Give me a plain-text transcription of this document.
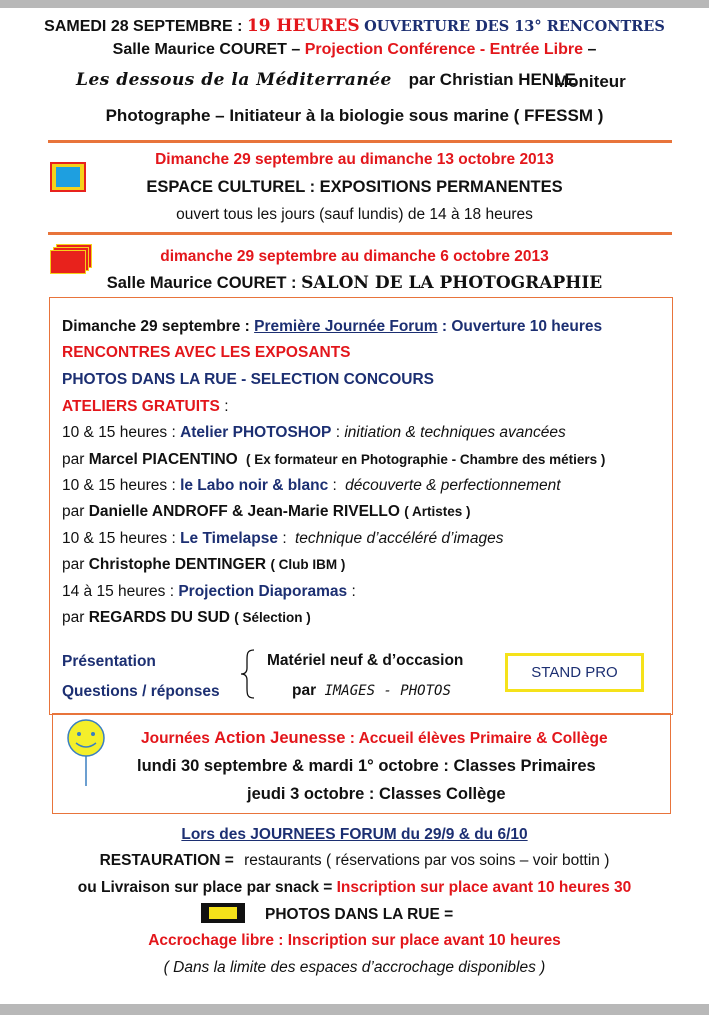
SAMEDI 28 SEPTEMBRE : 19 HEURES OUVERTURE DES 13° RENCONTRES
Salle Maurice COURET – Projection Conférence - Entrée Libre –
Les dessous de la Méditerranée par Christian HENLE
Moniteur
Photographe – Initiateur à la biologie sous marine ( FFESSM )
Dimanche 29 septembre au dimanche 13 octobre 2013
ESPACE CULTUREL : EXPOSITIONS PERMANENTES
ouvert tous les jours (sauf lundis) de 14 à 18 heures
dimanche 29 septembre au dimanche 6 octobre 2013
Salle Maurice COURET : SALON DE LA PHOTOGRAPHIE
Dimanche 29 septembre : Première Journée Forum : Ouverture 10 heures
RENCONTRES AVEC LES EXPOSANTS
PHOTOS DANS LA RUE - SELECTION CONCOURS
ATELIERS GRATUITS :
10 & 15 heures : Atelier PHOTOSHOP : initiation & techniques avancées
par Marcel PIACENTINO ( Ex formateur en Photographie - Chambre des métiers )
10 & 15 heures : le Labo noir & blanc : découverte & perfectionnement
par Danielle ANDROFF & Jean-Marie RIVELLO ( Artistes )
10 & 15 heures : Le Timelapse : technique d’accéléré d’images
par Christophe DENTINGER ( Club IBM )
14 à 15 heures : Projection Diaporamas :
par REGARDS DU SUD ( Sélection )
Présentation
Questions / réponses
Matériel neuf & d’occasion
par IMAGES - PHOTOS
STAND PRO
Journées Action Jeunesse : Accueil élèves Primaire & Collège
lundi 30 septembre & mardi 1° octobre : Classes Primaires
jeudi 3 octobre : Classes Collège
Lors des JOURNEES FORUM du 29/9 & du 6/10
RESTAURATION = restaurants ( réservations par vos soins – voir bottin )
ou Livraison sur place par snack = Inscription sur place avant 10 heures 30
PHOTOS DANS LA RUE =
Accrochage libre : Inscription sur place avant 10 heures
( Dans la limite des espaces d’accrochage disponibles )
